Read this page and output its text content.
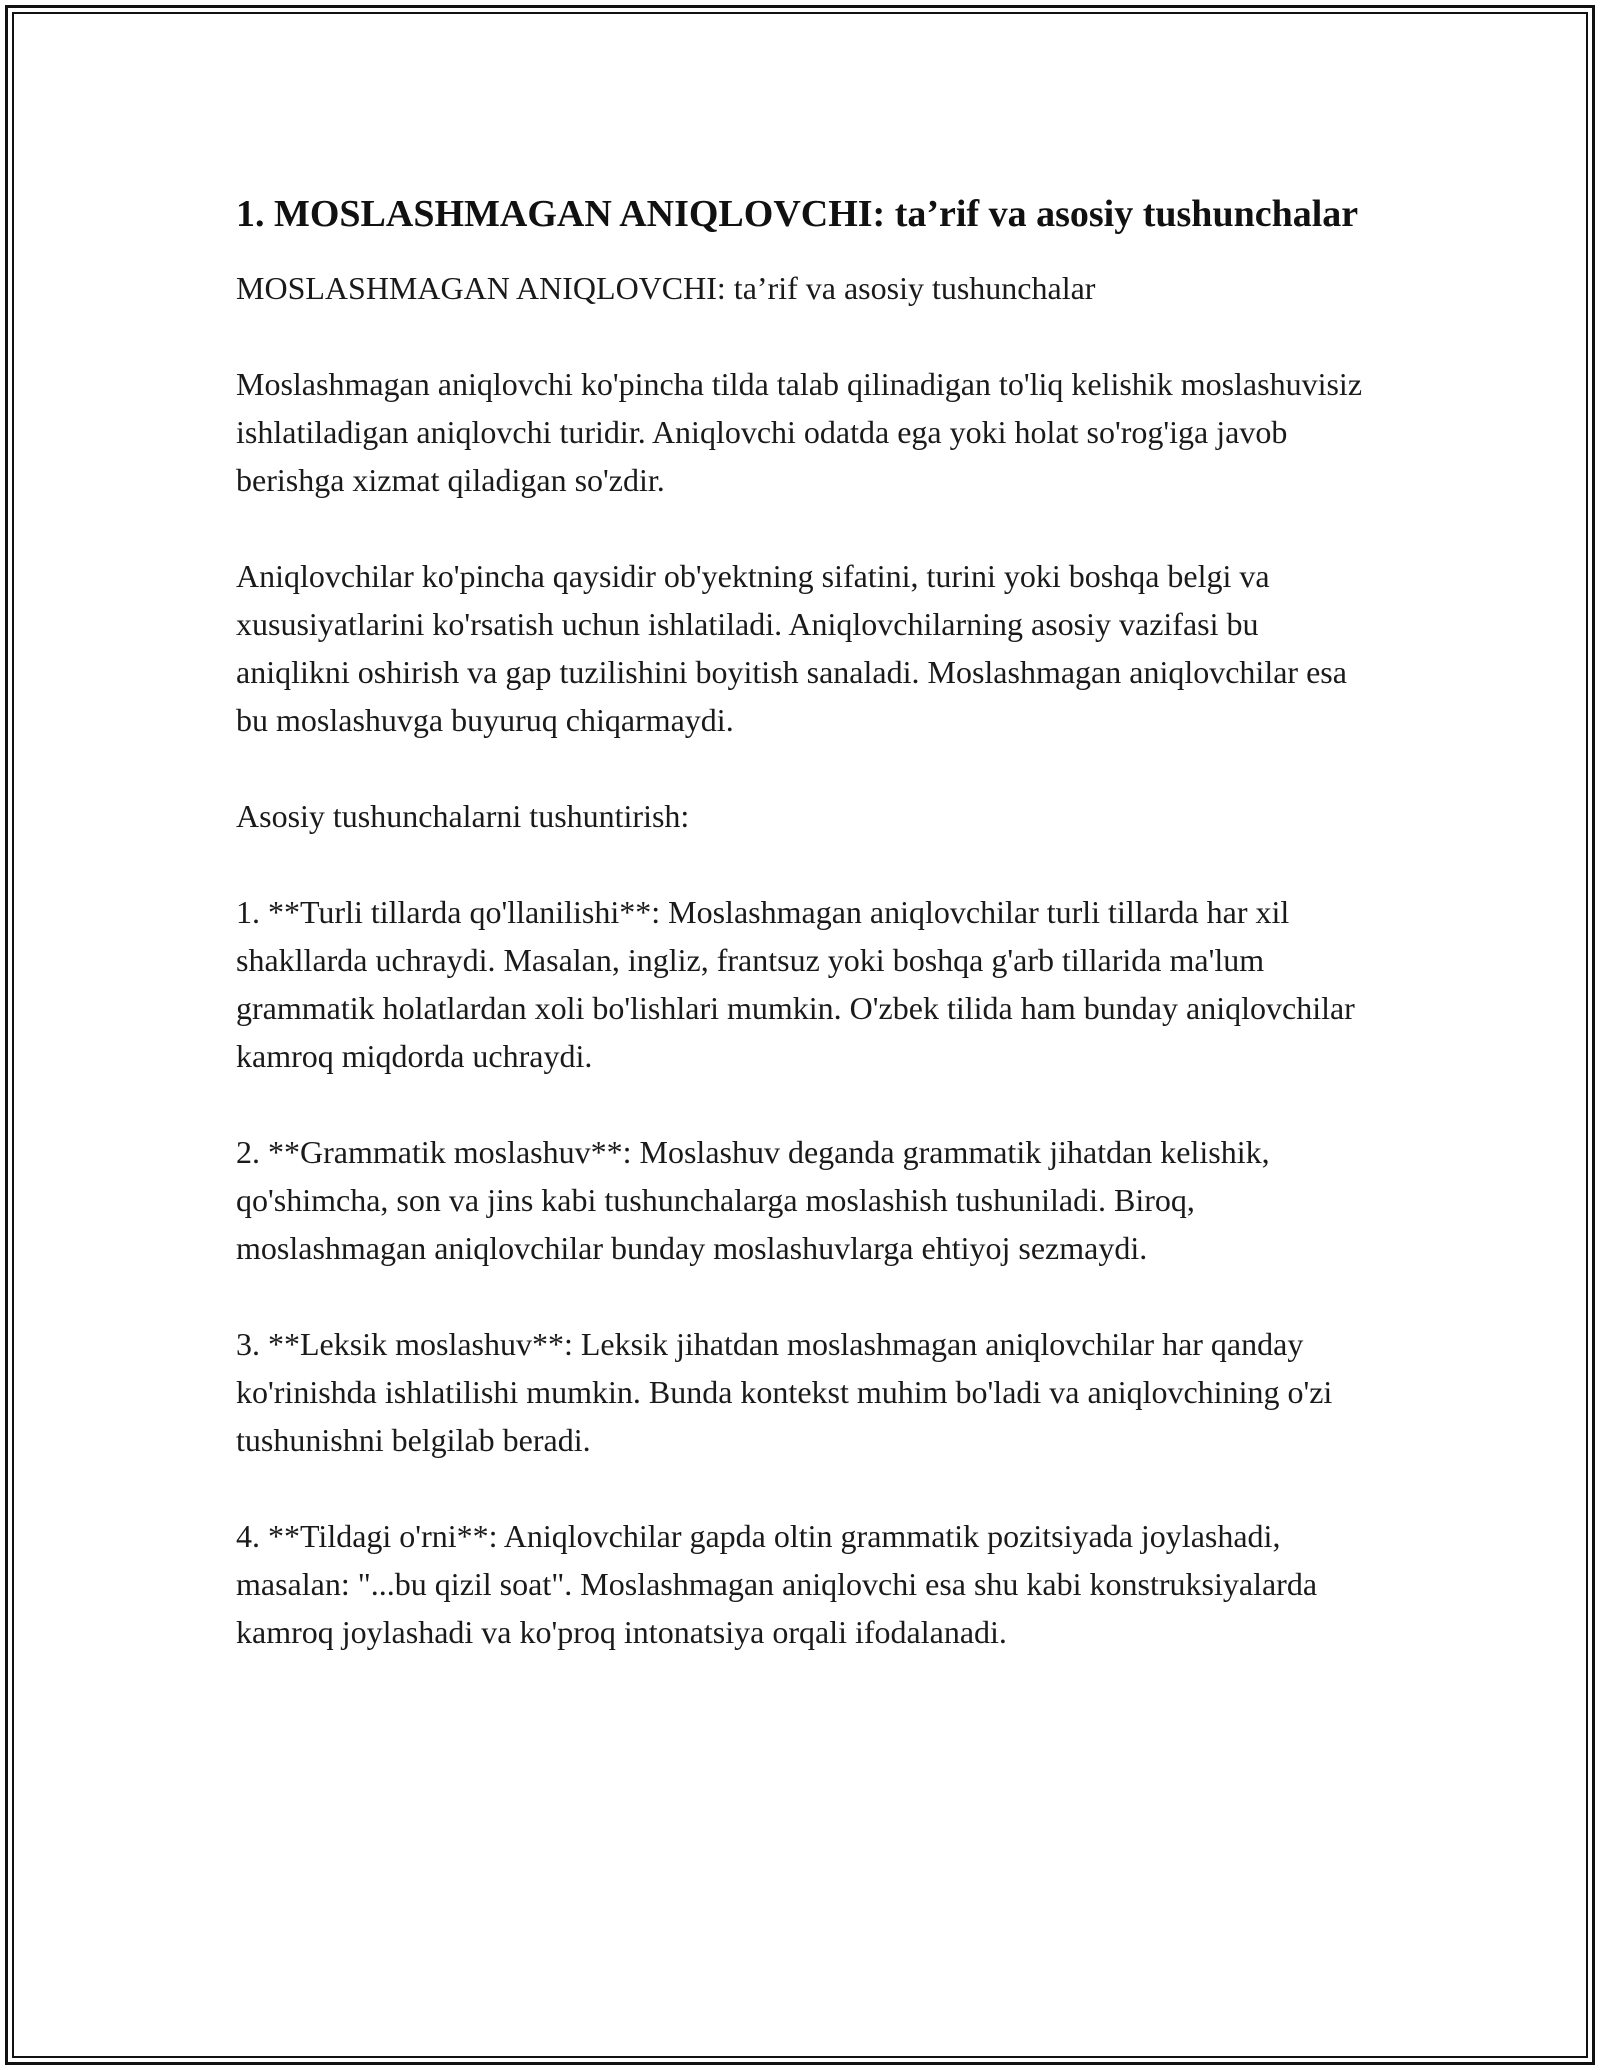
1. MOSLASHMAGAN ANIQLOVCHI: ta’rif va asosiy tushunchalar

MOSLASHMAGAN ANIQLOVCHI: ta’rif va asosiy tushunchalar

Moslashmagan aniqlovchi ko'pincha tilda talab qilinadigan to'liq kelishik moslashuvisiz ishlatiladigan aniqlovchi turidir. Aniqlovchi odatda ega yoki holat so'rog'iga javob berishga xizmat qiladigan so'zdir.

Aniqlovchilar ko'pincha qaysidir ob'yektning sifatini, turini yoki boshqa belgi va xususiyatlarini ko'rsatish uchun ishlatiladi. Aniqlovchilarning asosiy vazifasi bu aniqlikni oshirish va gap tuzilishini boyitish sanaladi. Moslashmagan aniqlovchilar esa bu moslashuvga buyuruq chiqarmaydi.

Asosiy tushunchalarni tushuntirish:

1. **Turli tillarda qo'llanilishi**: Moslashmagan aniqlovchilar turli tillarda har xil shakllarda uchraydi. Masalan, ingliz, frantsuz yoki boshqa g'arb tillarida ma'lum grammatik holatlardan xoli bo'lishlari mumkin. O'zbek tilida ham bunday aniqlovchilar kamroq miqdorda uchraydi.

2. **Grammatik moslashuv**: Moslashuv deganda grammatik jihatdan kelishik, qo'shimcha, son va jins kabi tushunchalarga moslashish tushuniladi. Biroq, moslashmagan aniqlovchilar bunday moslashuvlarga ehtiyoj sezmaydi.

3. **Leksik moslashuv**: Leksik jihatdan moslashmagan aniqlovchilar har qanday ko'rinishda ishlatilishi mumkin. Bunda kontekst muhim bo'ladi va aniqlovchining o'zi tushunishni belgilab beradi.

4. **Tildagi o'rni**: Aniqlovchilar gapda oltin grammatik pozitsiyada joylashadi, masalan: "...bu qizil soat". Moslashmagan aniqlovchi esa shu kabi konstruksiyalarda kamroq joylashadi va ko'proq intonatsiya orqali ifodalanadi.
